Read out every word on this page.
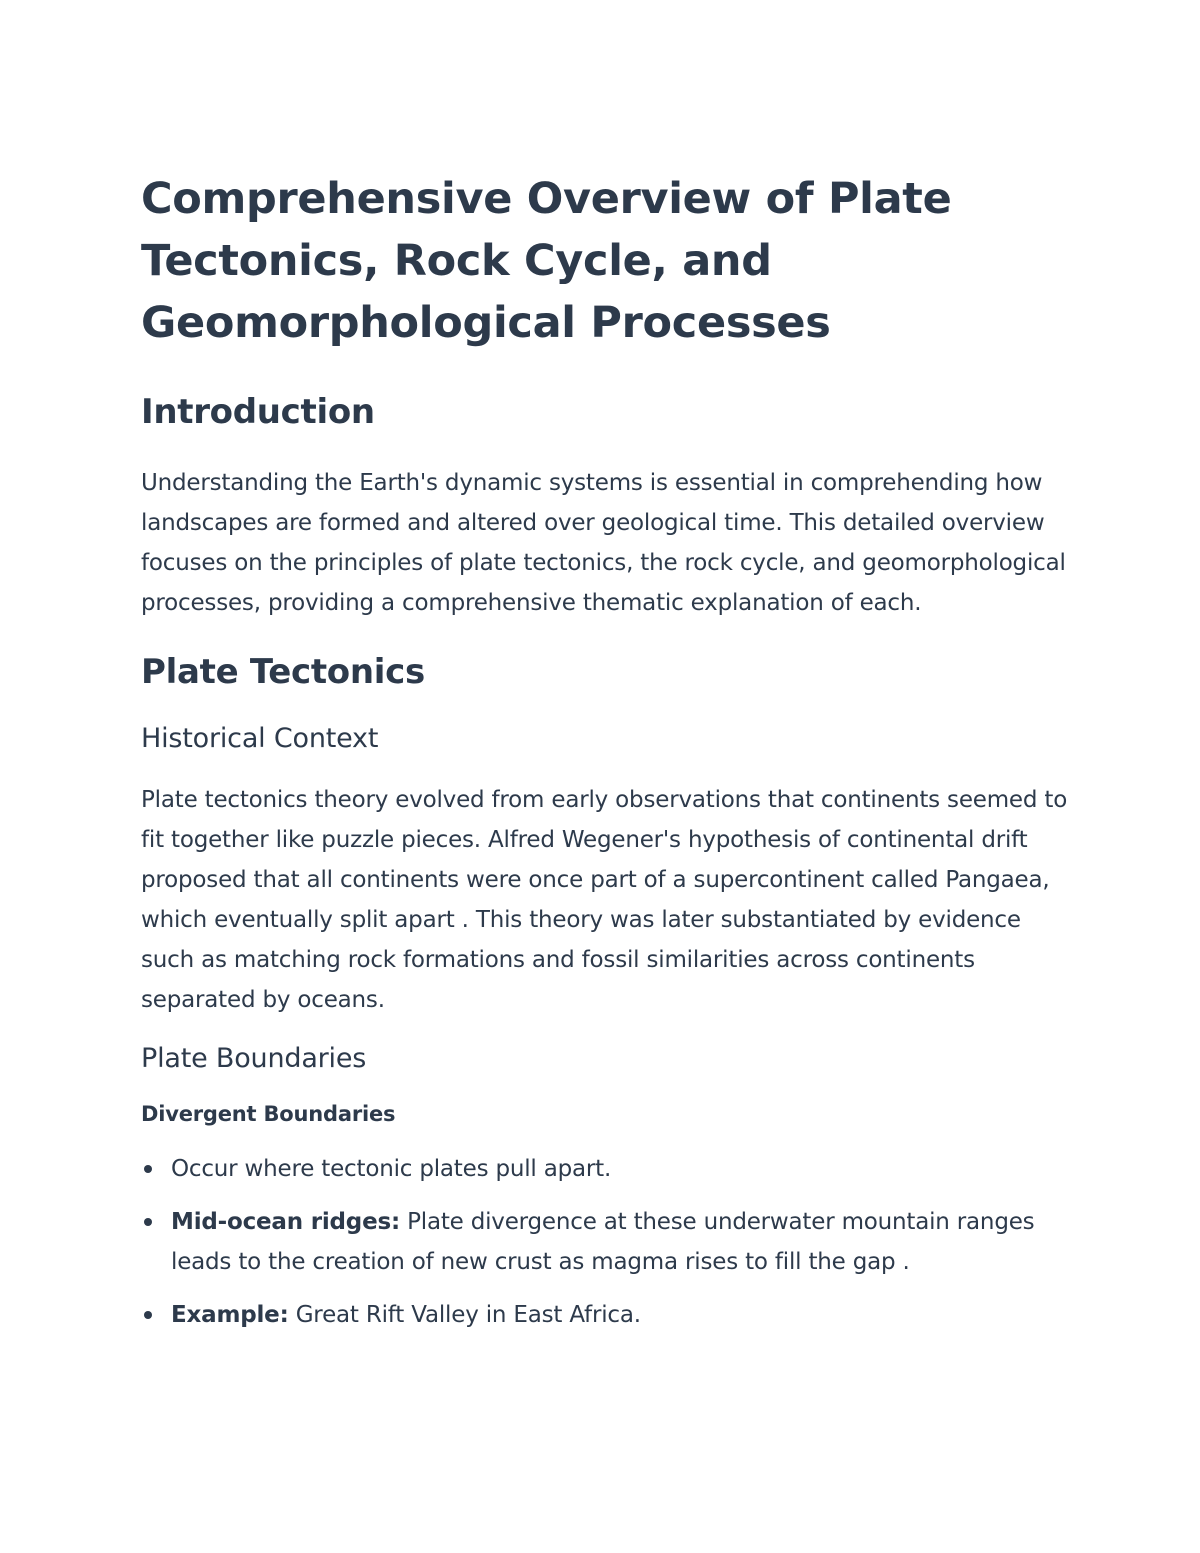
Comprehensive Overview of Plate Tectonics, Rock Cycle, and Geomorphological Processes
Introduction

Understanding the Earth's dynamic systems is essential in comprehending how landscapes are formed and altered over geological time. This detailed overview focuses on the principles of plate tectonics, the rock cycle, and geomorphological processes, providing a comprehensive thematic explanation of each.

Plate Tectonics
Historical Context

Plate tectonics theory evolved from early observations that continents seemed to fit together like puzzle pieces. Alfred Wegener's hypothesis of continental drift proposed that all continents were once part of a supercontinent called Pangaea, which eventually split apart . This theory was later substantiated by evidence such as matching rock formations and fossil similarities across continents separated by oceans.

Plate Boundaries
Divergent Boundaries
Occur where tectonic plates pull apart.
Mid-ocean ridges: Plate divergence at these underwater mountain ranges leads to the creation of new crust as magma rises to fill the gap .
Example: Great Rift Valley in East Africa.
